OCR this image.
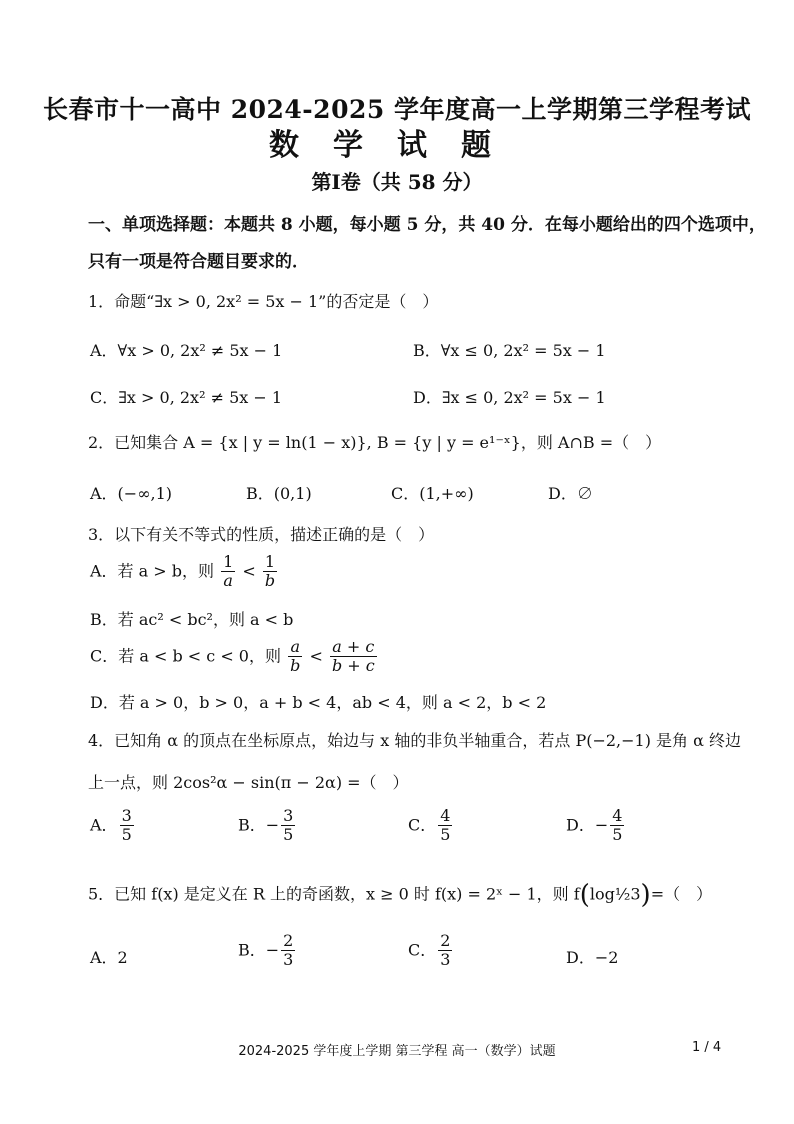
长春市十一高中 2024-2025 学年度高一上学期第三学程考试
数学试题
第Ⅰ卷（共 58 分）
一、单项选择题：本题共 8 小题，每小题 5 分，共 40 分．在每小题给出的四个选项中，
只有一项是符合题目要求的．
1．命题“∃x > 0, 2x² = 5x − 1”的否定是（　）
A．∀x > 0, 2x² ≠ 5x − 1	B．∀x ≤ 0, 2x² = 5x − 1
C．∃x > 0, 2x² ≠ 5x − 1	D．∃x ≤ 0, 2x² = 5x − 1
2．已知集合 A = {x | y = ln(1 − x)}, B = {y | y = e¹⁻ˣ}，则 A∩B =（　）
A．(−∞,1)	B．(0,1)	C．(1,+∞)	D．∅
3．以下有关不等式的性质，描述正确的是（　）
A．若 a > b，则 $\frac{1}{a} < \frac{1}{b}$
B．若 ac² < bc²，则 a < b
C．若 a < b < c < 0，则 $\frac{a}{b} < \frac{a + c}{b + c}$
D．若 a > 0，b > 0，a + b < 4，ab < 4，则 a < 2，b < 2
4．已知角 α 的顶点在坐标原点，始边与 x 轴的非负半轴重合，若点 P(−2,−1) 是角 α 终边
上一点，则 2cos²α − sin(π − 2α) =（　）
A． $\frac{3}{5}$	B．− $\frac{3}{5}$	C． $\frac{4}{5}$	D．− $\frac{4}{5}$
5．已知 f(x) 是定义在 R 上的奇函数，x ≥ 0 时 f(x) = 2ˣ − 1，则 f(log½3)=（　）
A．2	B．− $\frac{2}{3}$	C． $\frac{2}{3}$	D．−2
2024-2025 学年度上学期 第三学程 高一（数学）试题	1 / 4
